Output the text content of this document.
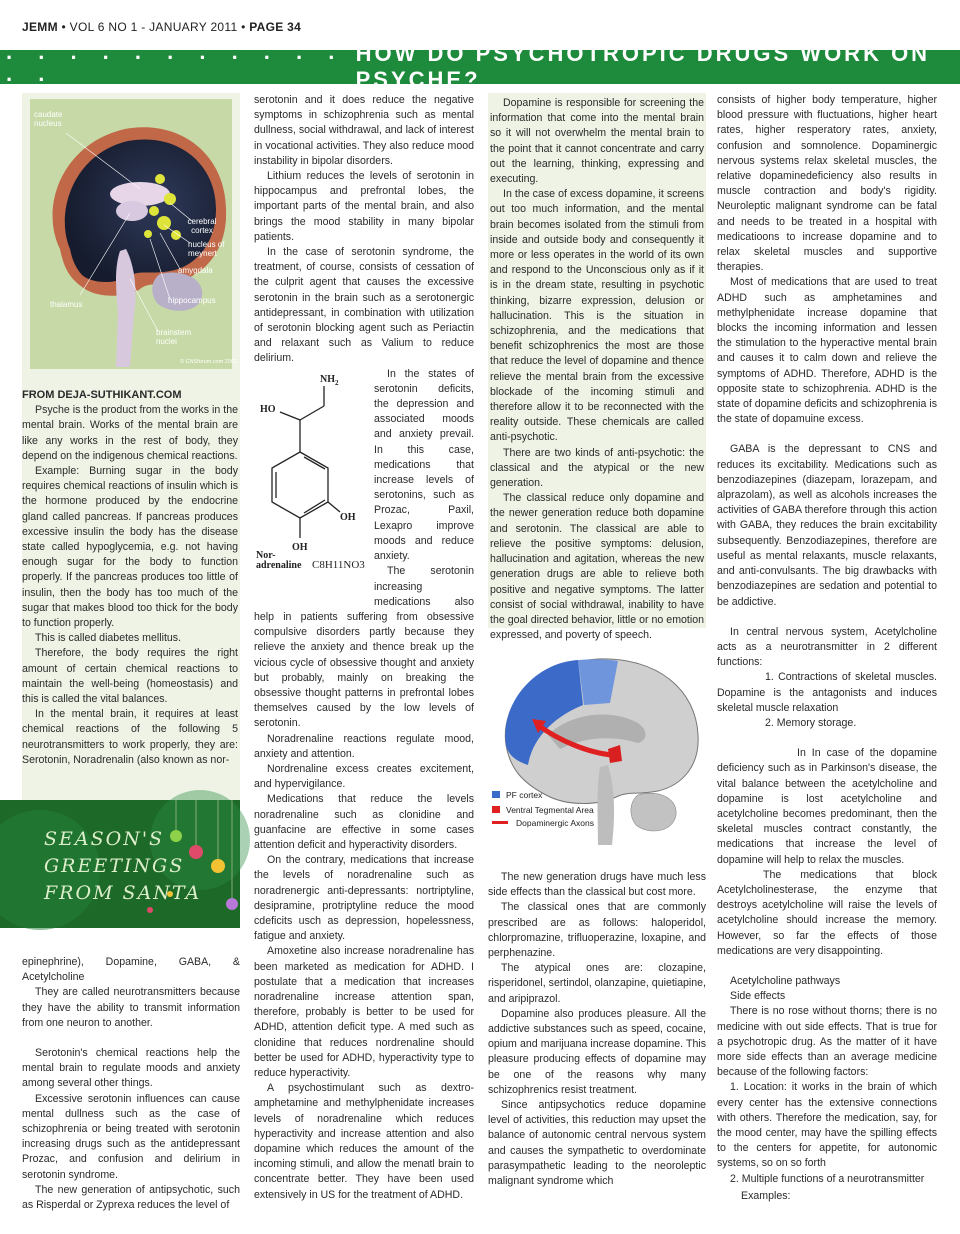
JEMM • VOL 6 NO 1 - JANUARY 2011 • PAGE 34
. . . . . . . . . . . . .
HOW DO PSYCHOTROPIC DRUGS WORK ON PSYCHE?
caudate nucleus
cerebral cortex
nucleus of meynert
amygdala
thalamus	hippocampus
brainstem nuclei
© CNSforum.com 2002

FROM DEJA-SUTHIKANT.COM

Psyche is the product from the works in the mental brain. Works of the mental brain are like any works in the rest of body, they depend on the indigenous chemical reactions.

Example: Burning sugar in the body requires chemical reactions of insulin which is the hormone produced by the endocrine gland called pancreas. If pancreas produces excessive insulin the body has the disease state called hypoglycemia, e.g. not having enough sugar for the body to function properly. If the pancreas produces too little of insulin, then the body has too much of the sugar that makes blood too thick for the body to function properly.

This is called diabetes mellitus.

Therefore, the body requires the right amount of certain chemical reactions to maintain the well-being (homeostasis) and this is called the vital balances.

In the mental brain, it requires at least chemical reactions of the following 5 neurotransmitters to work properly, they are: Serotonin, Noradrenalin (also known as nor-

SEASON'S
GREETINGS
FROM SANTA

epinephrine), Dopamine, GABA, & Acetylcholine

They are called neurotransmitters because they have the ability to transmit information from one neuron to another.

Serotonin's chemical reactions help the mental brain to regulate moods and anxiety among several other things.

Excessive serotonin influences can cause mental dullness such as the case of schizophrenia or being treated with serotonin increasing drugs such as the antidepressant Prozac, and confusion and delirium in serotonin syndrome.

The new generation of antipsychotic, such as Risperdal or Zyprexa reduces the level of

serotonin and it does reduce the negative symptoms in schizophrenia such as mental dullness, social withdrawal, and lack of interest in vocational activities. They also reduce mood instability in bipolar disorders.

Lithium reduces the levels of serotonin in hippocampus and prefrontal lobes, the important parts of the mental brain, and also brings the mood stability in many bipolar patients.

In the case of serotonin syndrome, the treatment, of course, consists of cessation of the culprit agent that causes the excessive serotonin in the brain such as a serotonergic antidepressant, in combination with utilization of serotonin blocking agent such as Periactin and relaxant such as Valium to reduce delirium.

In the states of serotonin deficits, the depression and associated moods and anxiety prevail. In this case, medications that increase levels of serotonins, such as Prozac, Paxil, Lexapro improve moods and reduce anxiety.

The serotonin increasing medications also help in patients suffering from obsessive compulsive disorders partly because they relieve the anxiety and thence break up the vicious cycle of obsessive thought and anxiety but probably, mainly on breaking the obsessive thought patterns in prefrontal lobes themselves caused by the low levels of serotonin.

Noradrenaline reactions regulate mood, anxiety and attention.

Nordrenaline excess creates excitement, and hypervigilance.

Medications that reduce the levels noradrenaline such as clonidine and guanfacine are effective in some cases attention deficit and hyperactivity disorders.

On the contrary, medications that increase the levels of noradrenaline such as noradrenergic anti-depressants: nortriptyline, desipramine, protriptyline reduce the mood cdeficits usch as depression, hopelessness, fatigue and anxiety.

Amoxetine also increase noradrenaline has been marketed as medication for ADHD. I postulate that a medication that increases noradrenaline increase attention span, therefore, probably is better to be used for ADHD, attention deficit type. A med such as clonidine that reduces nordrenaline should better be used for ADHD, hyperactivity type to reduce hyperactivity.

A psychostimulant such as dextro-amphetamine and methylphenidate increases levels of noradrenaline which reduces hyperactivity and increase attention and also dopamine which reduces the amount of the incoming stimuli, and allow the menatl brain to concentrate better. They have been used extensively in US for the treatment of ADHD.

$NH_2$
HO
OH
OH
Nor-
adrenaline C8H11NO3

Dopamine is responsible for screening the information that come into the mental brain so it will not overwhelm the mental brain to the point that it cannot concentrate and carry out the learning, thinking, expressing and executing.

In the case of excess dopamine, it screens out too much information, and the mental brain becomes isolated from the stimuli from inside and outside body and consequently it more or less operates in the world of its own and respond to the Unconscious only as if it is in the dream state, resulting in psychotic thinking, bizarre expression, delusion or hallucination. This is the situation in schizophrenia, and the medications that benefit schizophrenics the most are those that reduce the level of dopamine and thence relieve the mental brain from the excessive blockade of the incoming stimuli and therefore allow it to be reconnected with the reality outside. These chemicals are called anti-psychotic.

There are two kinds of anti-psychotic: the classical and the atypical or the new generation.

The classical reduce only dopamine and the newer generation reduce both dopamine and serotonin. The classical are able to relieve the positive symptoms: delusion, hallucination and agitation, whereas the new generation drugs are able to relieve both positive and negative symptoms. The latter consist of social withdrawal, inability to have the goal directed behavior, little or no emotion expressed, and poverty of speech.

PF cortex
Ventral Tegmental Area
Dopaminergic Axons

The new generation drugs have much less side effects than the classical but cost more.

The classical ones that are commonly prescribed are as follows: haloperidol, chlorpromazine, trifluoperazine, loxapine, and perphenazine.

The atypical ones are: clozapine, risperidonel, sertindol, olanzapine, quietiapine, and aripiprazol.

Dopamine also produces pleasure. All the addictive substances such as speed, cocaine, opium and marijuana increase dopamine. This pleasure producing effects of dopamine may be one of the reasons why many schizophrenics resist treatment.

Since antipsychotics reduce dopamine level of activities, this reduction may upset the balance of autonomic central nervous system and causes the sympathetic to overdominate parasympathetic leading to the neoroleptic malignant syndrome which

consists of higher body temperature, higher blood pressure with fluctuations, higher heart rates, higher resperatory rates, anxiety, confusion and somnolence. Dopaminergic nervous systems relax skeletal muscles, the relative dopaminedeficiency also results in muscle contraction and body's rigidity. Neuroleptic malignant syndrome can be fatal and needs to be treated in a hospital with medicatioons to increase dopamine and to relax skeletal muscles and supportive therapies.

Most of medications that are used to treat ADHD such as amphetamines and methylphenidate increase dopamine that blocks the incoming information and lessen the stimulation to the hyperactive mental brain and causes it to calm down and relieve the symptoms of ADHD. Therefore, ADHD is the opposite state to schizophrenia. ADHD is the state of dopamine deficits and schizophrenia is the state of dopamuine excess.

GABA is the depressant to CNS and reduces its excitability. Medications such as benzodiazepines (diazepam, lorazepam, and alprazolam), as well as alcohols increases the activities of GABA therefore through this action with GABA, they reduces the brain excitability subsequently. Benzodiazepines, therefore are useful as mental relaxants, muscle relaxants, and anti-convulsants. The big drawbacks with benzodiazepines are sedation and potential to be addictive.

In central nervous system, Acetylcholine acts as a neurotransmitter in 2 different functions:

1. Contractions of skeletal muscles. Dopamine is the antagonists and induces skeletal muscle relaxation

2. Memory storage.

In In case of the dopamine deficiency such as in Parkinson's disease, the vital balance between the acetylcholine and dopamine is lost acetylcholine and acetylcholine becomes predominant, then the skeletal muscles contract constantly, the medications that increase the level of dopamine will help to relax the muscles.

The medications that block Acetylcholinesterase, the enzyme that destroys acetylcholine will raise the levels of acetylcholine should increase the memory. However, so far the effects of those medications are very disappointing.

Acetylcholine pathways

Side effects

There is no rose without thorns; there is no medicine with out side effects. That is true for a psychotropic drug. As the matter of it have more side effects than an average medicine because of the following factors:

1. Location: it works in the brain of which every center has the extensive connections with others. Therefore the medication, say, for the mood center, may have the spilling effects to the centers for appetite, for autonomic systems, so on so forth

2. Multiple functions of a neurotransmitter

Examples:
